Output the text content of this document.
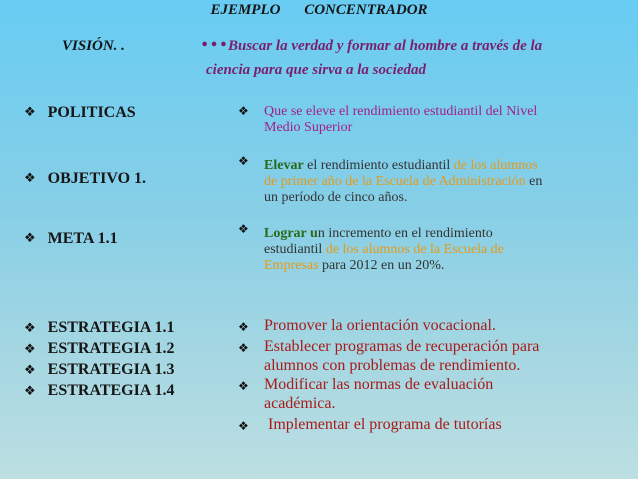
EJEMPLO CONCENTRADOR
VISIÓN. .	… Buscar la verdad y formar al hombre a través de la
ciencia para que sirva a la sociedad
❖ POLITICAS	❖ Que se eleve el rendimiento estudiantil del Nivel
Medio Superior
❖ OBJETIVO 1.
❖ Elevar el rendimiento estudiantil de los alumnos
de primer año de la Escuela de Administración en
un período de cinco años.
❖ META 1.1
❖ Lograr un incremento en el rendimiento
estudiantil de los alumnos de la Escuela de
Empresas para 2012 en un 20%.
❖ ESTRATEGIA 1.1
❖ ESTRATEGIA 1.2
❖ ESTRATEGIA 1.3
❖ ESTRATEGIA 1.4
❖ Promover la orientación vocacional.
❖ Establecer programas de recuperación para
alumnos con problemas de rendimiento.
❖ Modificar las normas de evaluación
académica.
❖ Implementar el programa de tutorías
